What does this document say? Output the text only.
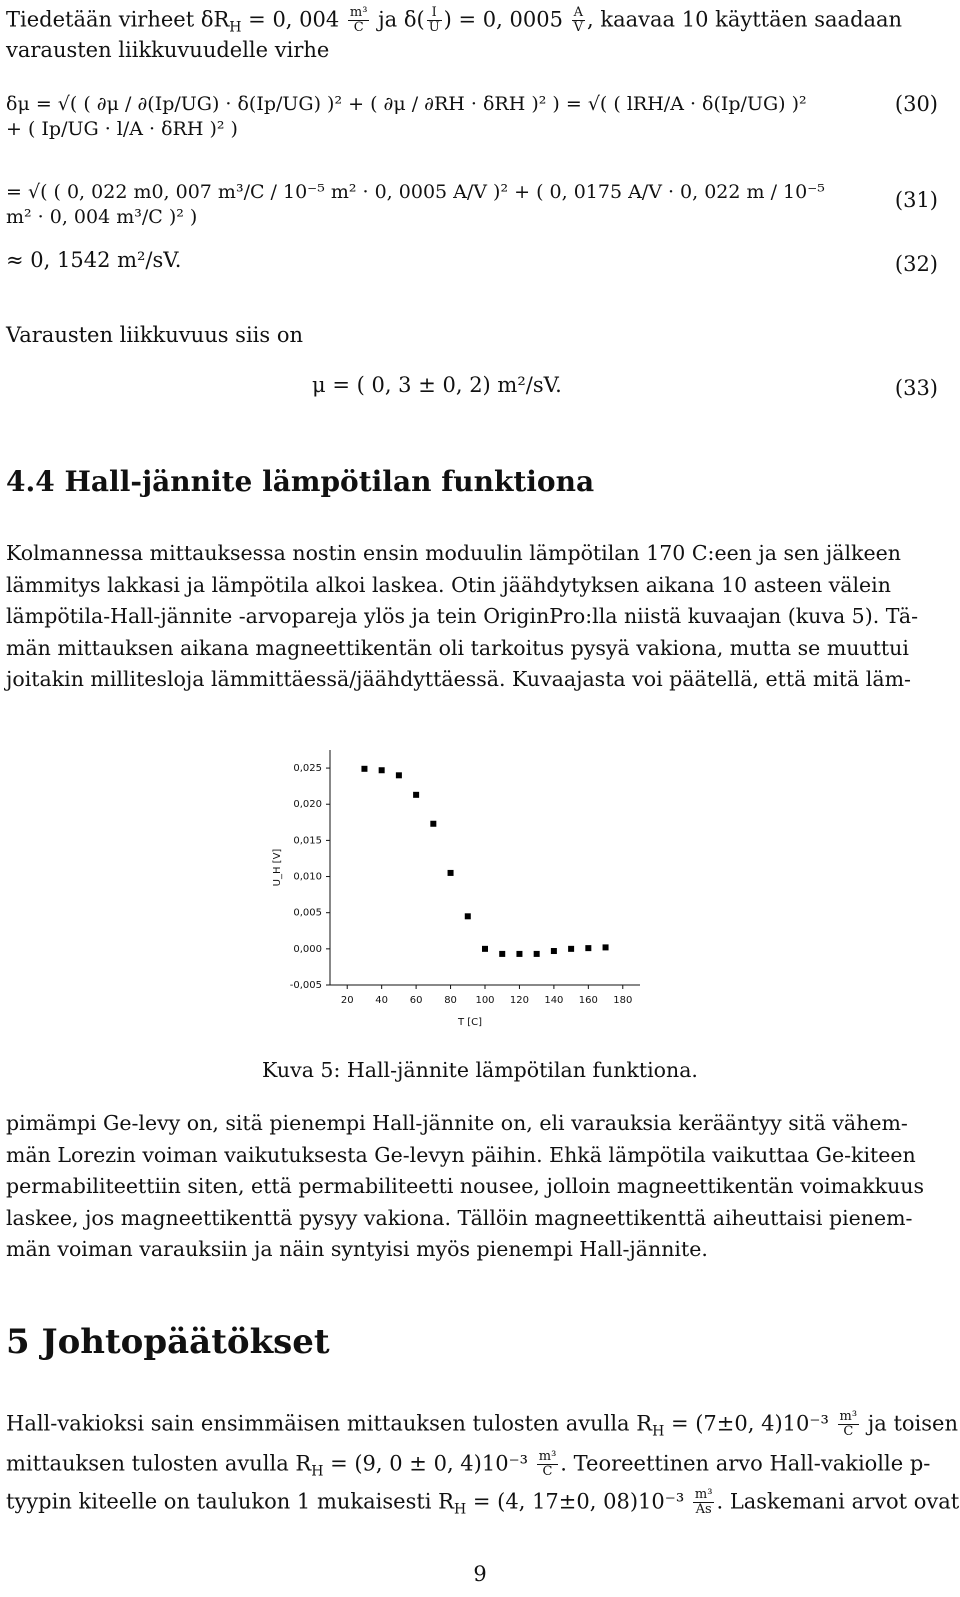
Tiedetään virheet $\delta R_H = 0$, $004 \frac{\text{m³}}{C}$ ja $\delta( \frac{I}{U}$ ) = 0, $0005 \frac{A}{V}$ , kaavaa 10 käyttäen saadaan
varausten liikkuvuudelle virhe
δμ = √( ( ∂μ / ∂(Ip/UG) · δ(Ip/UG) )² + ( ∂μ / ∂RH · δRH )² ) = √( ( lRH/A · δ(Ip/UG) )² + ( Ip/UG · l/A · δRH )² )
(30)
= √( ( 0, 022 m0, 007 m³/C / 10⁻⁵ m² · 0, 0005 A/V )² + ( 0, 0175 A/V · 0, 022 m / 10⁻⁵ m² · 0, 004 m³/C )² )
(31)
≈ 0, 1542 m²/sV.	(32)
Varausten liikkuvuus siis on
μ = ( 0, 3 ± 0, 2) m²/sV.	(33)
4.4 Hall-jännite lämpötilan funktiona
Kolmannessa mittauksessa nostin ensin moduulin lämpötilan 170 C:een ja sen jälkeen
lämmitys lakkasi ja lämpötila alkoi laskea. Otin jäähdytyksen aikana 10 asteen välein
lämpötila-Hall-jännite -arvopareja ylös ja tein OriginPro:lla niistä kuvaajan (kuva 5). Tä-
män mittauksen aikana magneettikentän oli tarkoitus pysyä vakiona, mutta se muuttui
joitakin millitesloja lämmittäessä/jäähdyttäessä. Kuvaajasta voi päätellä, että mitä läm-
0,025
0,020
0,015
0,010
0,005
0,000
-0,005
20 40 60 80 100 120 140 160 180
T [C]
U_H [V]
Kuva 5: Hall-jännite lämpötilan funktiona.
pimämpi Ge-levy on, sitä pienempi Hall-jännite on, eli varauksia kerääntyy sitä vähem-
män Lorezin voiman vaikutuksesta Ge-levyn päihin. Ehkä lämpötila vaikuttaa Ge-kiteen
permabiliteettiin siten, että permabiliteetti nousee, jolloin magneettikentän voimakkuus
laskee, jos magneettikenttä pysyy vakiona. Tällöin magneettikenttä aiheuttaisi pienem-
män voiman varauksiin ja näin syntyisi myös pienempi Hall-jännite.
5 Johtopäätökset
Hall-vakioksi sain ensimmäisen mittauksen tulosten avulla $R_H = (7\pm 0$, $4)10^{-3} \frac{\text{m³}}{C}$ ja toisen
mittauksen tulosten avulla $R_H = (9$, 0 ± 0, $4)10^{-3} \frac{\text{m³}}{C}$ . Teoreettinen arvo Hall-vakiolle p-
tyypin kiteelle on taulukon 1 mukaisesti $R_H = (4$, 17±0, $08)10^{-3} \frac{\text{m³}}{As}$ . Laskemani arvot ovat
9
